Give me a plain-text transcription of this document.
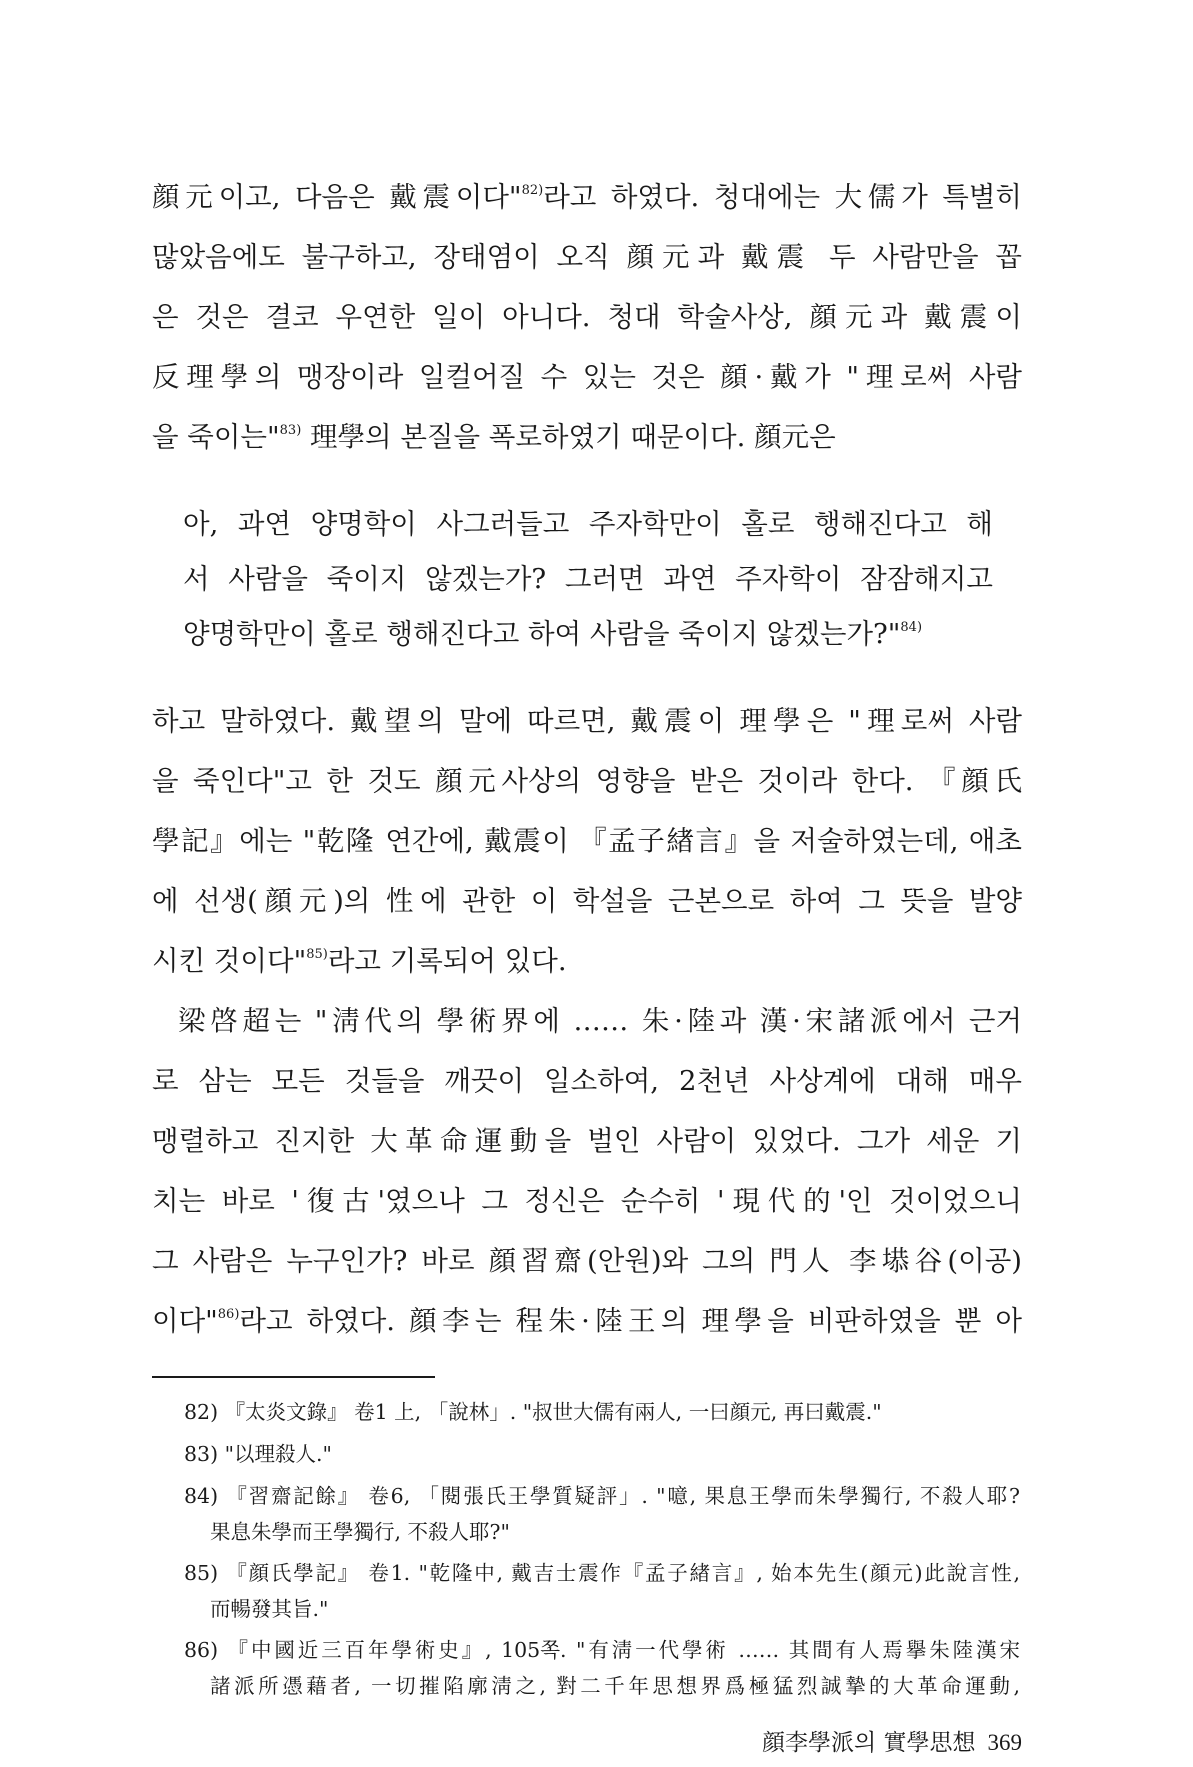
顔元이고, 다음은 戴震이다"$^{82)}$라고 하였다. 청대에는 大儒가 특별히
많았음에도 불구하고, 장태염이 오직 顔元과 戴震 두 사람만을 꼽
은 것은 결코 우연한 일이 아니다. 청대 학술사상, 顔元과 戴震이
反理學의 맹장이라 일컬어질 수 있는 것은 顔·戴가 "理로써 사람
을 죽이는"$^{83)}$ 理學의 본질을 폭로하였기 때문이다. 顔元은
아, 과연 양명학이 사그러들고 주자학만이 홀로 행해진다고 해
서 사람을 죽이지 않겠는가? 그러면 과연 주자학이 잠잠해지고
양명학만이 홀로 행해진다고 하여 사람을 죽이지 않겠는가?"$^{84)}$
하고 말하였다. 戴望의 말에 따르면, 戴震이 理學은 "理로써 사람
을 죽인다"고 한 것도 顔元사상의 영향을 받은 것이라 한다. 『顔氏
學記』에는 "乾隆 연간에, 戴震이 『孟子緖言』을 저술하였는데, 애초
에 선생(顔元)의 性에 관한 이 학설을 근본으로 하여 그 뜻을 발양
시킨 것이다"$^{85)}$라고 기록되어 있다.
梁啓超는 "淸代의 學術界에 …… 朱·陸과 漢·宋諸派에서 근거
로 삼는 모든 것들을 깨끗이 일소하여, 2천년 사상계에 대해 매우
맹렬하고 진지한 大革命運動을 벌인 사람이 있었다. 그가 세운 기
치는 바로 '復古'였으나 그 정신은 순수히 '現代的'인 것이었으니
그 사람은 누구인가? 바로 顔習齋(안원)와 그의 門人 李塨谷(이공)
이다"$^{86)}$라고 하였다. 顔李는 程朱·陸王의 理學을 비판하였을 뿐 아
82) 『太炎文錄』 卷1 上, 「說林」. "叔世大儒有兩人, 一曰顔元, 再曰戴震."
83) "以理殺人."
84) 『習齋記餘』 卷6, 「閱張氏王學質疑評」. "噫, 果息王學而朱學獨行, 不殺人耶?
果息朱學而王學獨行, 不殺人耶?"
85) 『顔氏學記』 卷1. "乾隆中, 戴吉士震作『孟子緖言』, 始本先生(顔元)此說言性,
而暢發其旨."
86) 『中國近三百年學術史』, 105쪽. "有淸一代學術 …… 其間有人焉擧朱陸漢宋
諸派所憑藉者, 一切摧陷廓淸之, 對二千年思想界爲極猛烈誠摯的大革命運動,
顔李學派의 實學思想 369
